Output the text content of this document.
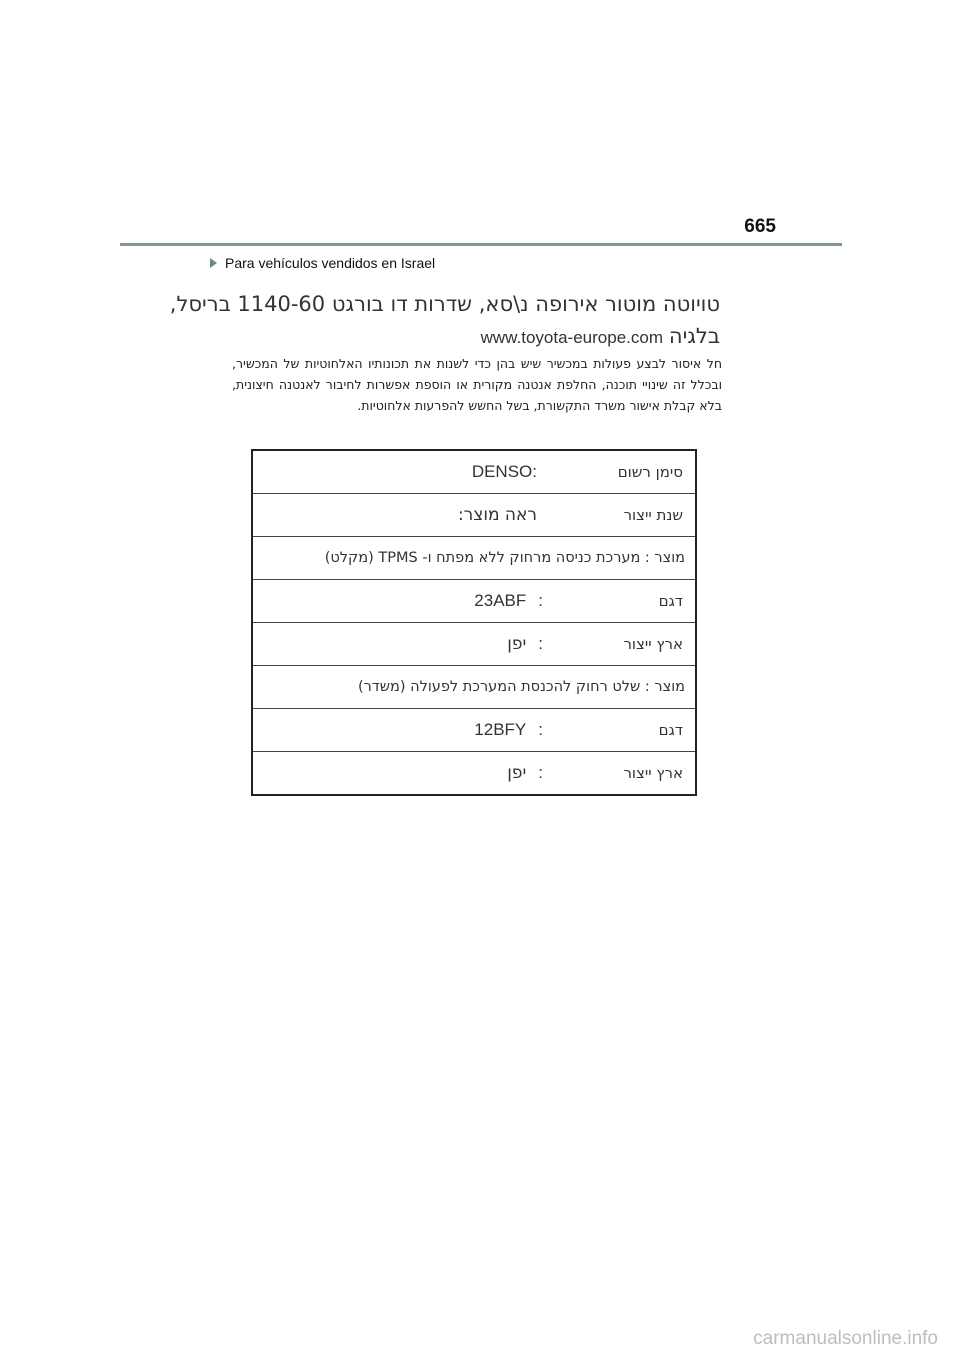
665
Para vehículos vendidos en Israel
טויוטה מוטור אירופה נ\סא, שדרות דו בורגט 1140-60 בריסל,
בלגיה www.toyota-europe.com
חל איסור לבצע פעולות במכשיר שיש בהן כדי לשנות את תכונותיו האלחוטיות של המכשיר, ובכלל זה שינויי תוכנה, החלפת אנטנה מקורית או הוספת אפשרות לחיבור לאנטנה חיצונית, בלא קבלת אישור משרד התקשורת, בשל החשש להפרעות אלחוטיות.
סימן רשום
DENSO:

שנת ייצור
ראה מוצר:

מוצר : מערכת כניסה מרחוק ללא מפתח ו- TPMS (מקלט)

דגם
:
23ABF

ארץ ייצור
:
יפן

מוצר : שלט רחוק להכנסת המערכת לפעולה (משדר)

דגם
:
12BFY

ארץ ייצור
:
יפן
carmanualsonline.info
